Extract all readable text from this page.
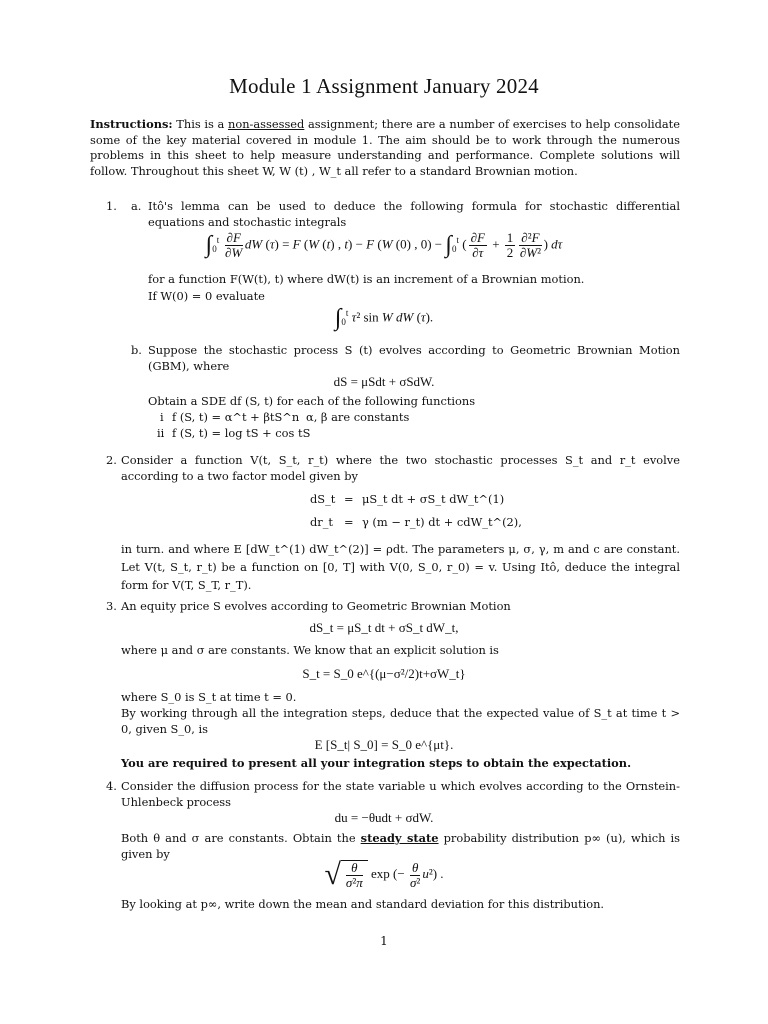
Module 1 Assignment January 2024
Instructions: This is a non-assessed assignment; there are a number of exercises to help consolidate some of the key material covered in module 1. The aim should be to work through the numerous problems in this sheet to help measure understanding and performance. Complete solutions will follow. Throughout this sheet W, W (t) , W_t all refer to a standard Brownian motion.
1. a. Itô's lemma can be used to deduce the following formula for stochastic differential equations and stochastic integrals
$\int_0^t \frac{\partial F}{\partial W}$ dW (τ) = F (W (t) , t) − F (W (0) , $0) - \int_0^t$ ( $\frac{\partial F}{\partial\tau} + \frac{1}{2} \frac{\text{∂²F}}{\text{∂W²}}$ ) dτ
for a function F(W(t), t) where dW(t) is an increment of a Brownian motion.
If W(0) = 0 evaluate
$\int_0^t$ τ² sin W dW (τ).
b. Suppose the stochastic process S (t) evolves according to Geometric Brownian Motion (GBM), where
dS = μSdt + σSdW.
Obtain a SDE df (S, t) for each of the following functions
i f (S, t) = α^t + βtS^n α, β are constants
ii f (S, t) = log tS + cos tS
2. Consider a function V(t, S_t, r_t) where the two stochastic processes S_t and r_t evolve according to a two factor model given by
dS_t = μS_t dt + σS_t dW_t^(1)
dr_t = γ (m − r_t) dt + cdW_t^(2),
in turn. and where E [dW_t^(1) dW_t^(2)] = ρdt. The parameters μ, σ, γ, m and c are constant. Let V(t, S_t, r_t) be a function on [0, T] with V(0, S_0, r_0) = v. Using Itô, deduce the integral form for V(T, S_T, r_T).
3. An equity price S evolves according to Geometric Brownian Motion
dS_t = μS_t dt + σS_t dW_t,
where μ and σ are constants. We know that an explicit solution is
S_t = S_0 e^{(μ−σ²/2)t+σW_t}
where S_0 is S_t at time t = 0.
By working through all the integration steps, deduce that the expected value of S_t at time t > 0, given S_0, is
E [S_t| S_0] = S_0 e^{μt}.
You are required to present all your integration steps to obtain the expectation.
4. Consider the diffusion process for the state variable u which evolves according to the Ornstein-Uhlenbeck process
du = −θudt + σdW.
Both θ and σ are constants. Obtain the steady state probability distribution p∞ (u), which is given by
√ $\frac{\theta}{\text{σ²π}}$ exp (− $\frac{\theta}{\text{σ²}} u^2$) .
By looking at p∞, write down the mean and standard deviation for this distribution.
1
